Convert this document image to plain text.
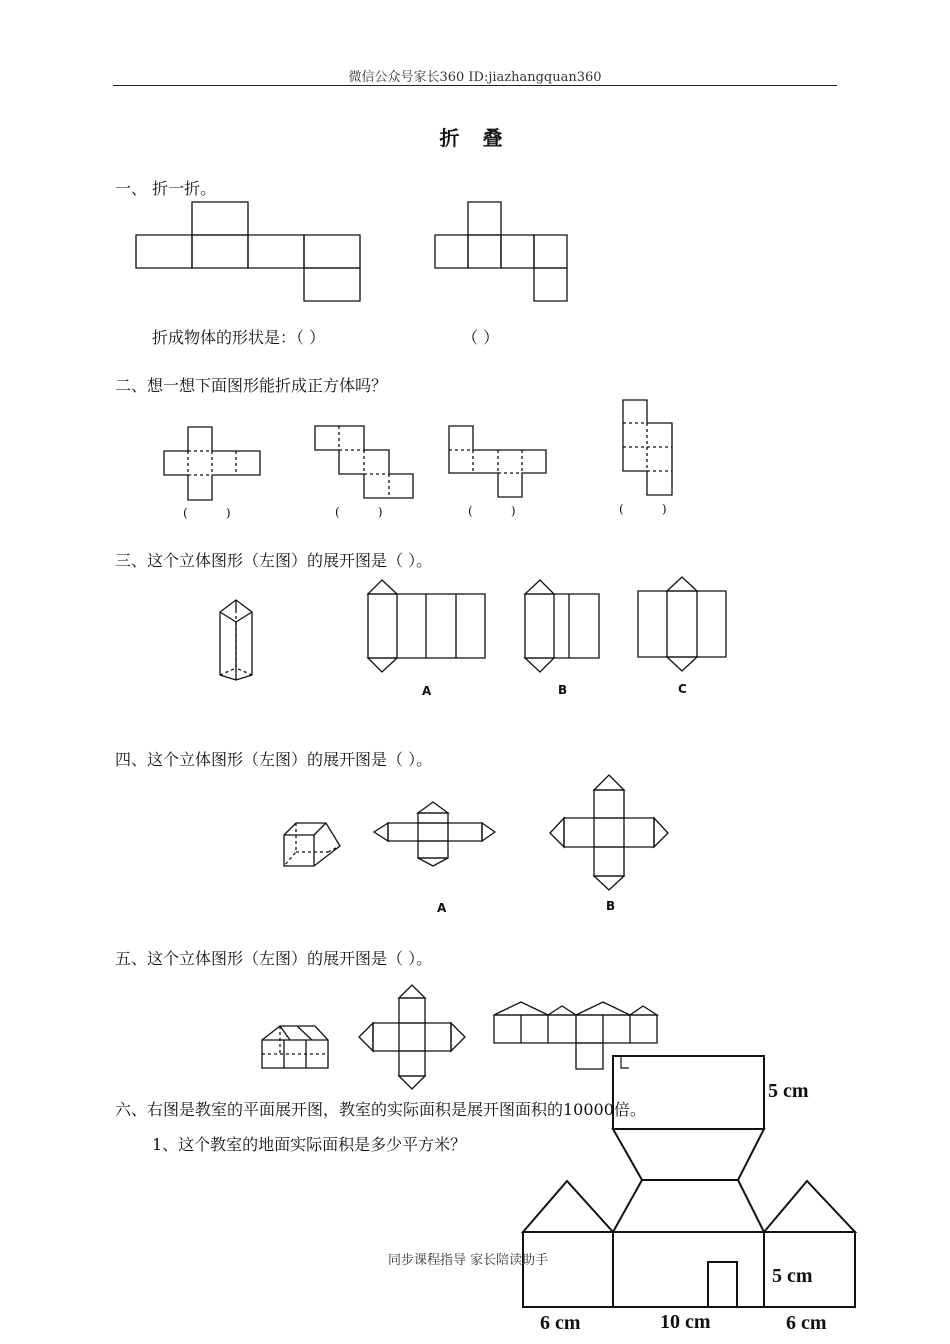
微信公众号家长360 ID:jiazhangquan360
折 叠
一、 折一折。
折成物体的形状是：（ ）	（ ）
二、想一想下面图形能折成正方体吗？
(          )	(          )	(          )	(          )
三、这个立体图形（左图）的展开图是（ ）。
A	B	C
四、这个立体图形（左图）的展开图是（ ）。
A	B
五、这个立体图形（左图）的展开图是（ ）。
5 cm
5 cm
6 cm	10 cm	6 cm
六、右图是教室的平面展开图，教室的实际面积是展开图面积的10000倍。
1、这个教室的地面实际面积是多少平方米？
同步课程指导 家长陪读助手
